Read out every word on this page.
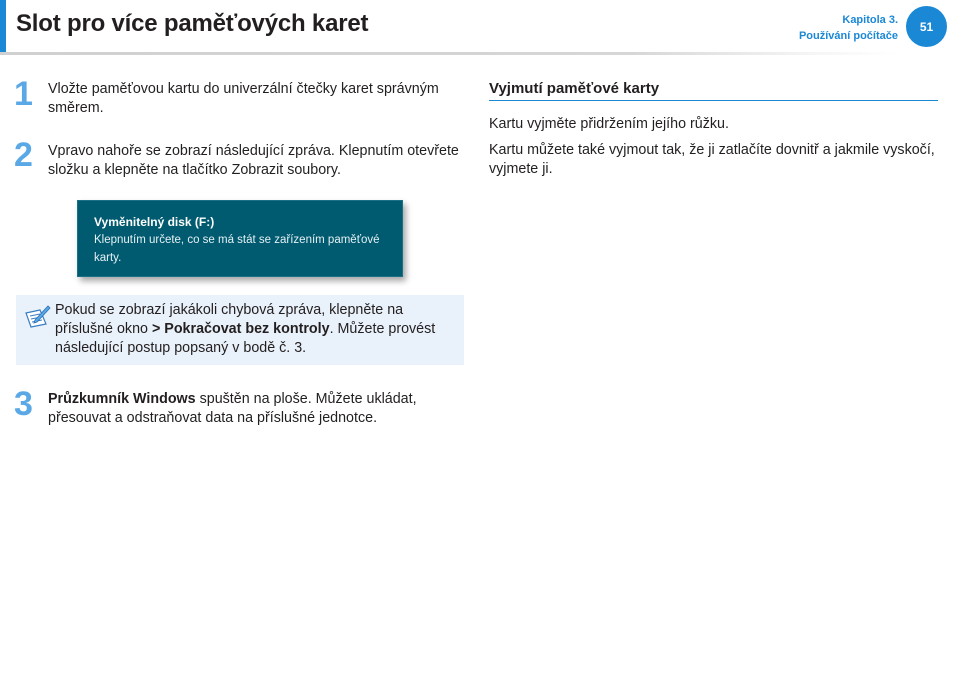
Slot pro více paměťových karet	Kapitola 3.
Používání počítače
51
1 Vložte paměťovou kartu do univerzální čtečky karet správným směrem.

2 Vpravo nahoře se zobrazí následující zpráva. Klepnutím otevřete složku a klepněte na tlačítko Zobrazit soubory.

Vyměnitelný disk (F:)
Klepnutím určete, co se má stát se zařízením paměťové karty.

Pokud se zobrazí jakákoli chybová zpráva, klepněte na příslušné okno > Pokračovat bez kontroly. Můžete provést následující postup popsaný v bodě č. 3.

3 Průzkumník Windows spuštěn na ploše. Můžete ukládat, přesouvat a odstraňovat data na příslušné jednotce.

Vyjmutí paměťové karty

Kartu vyjměte přidržením jejího růžku.

Kartu můžete také vyjmout tak, že ji zatlačíte dovnitř a jakmile vyskočí, vyjmete ji.
